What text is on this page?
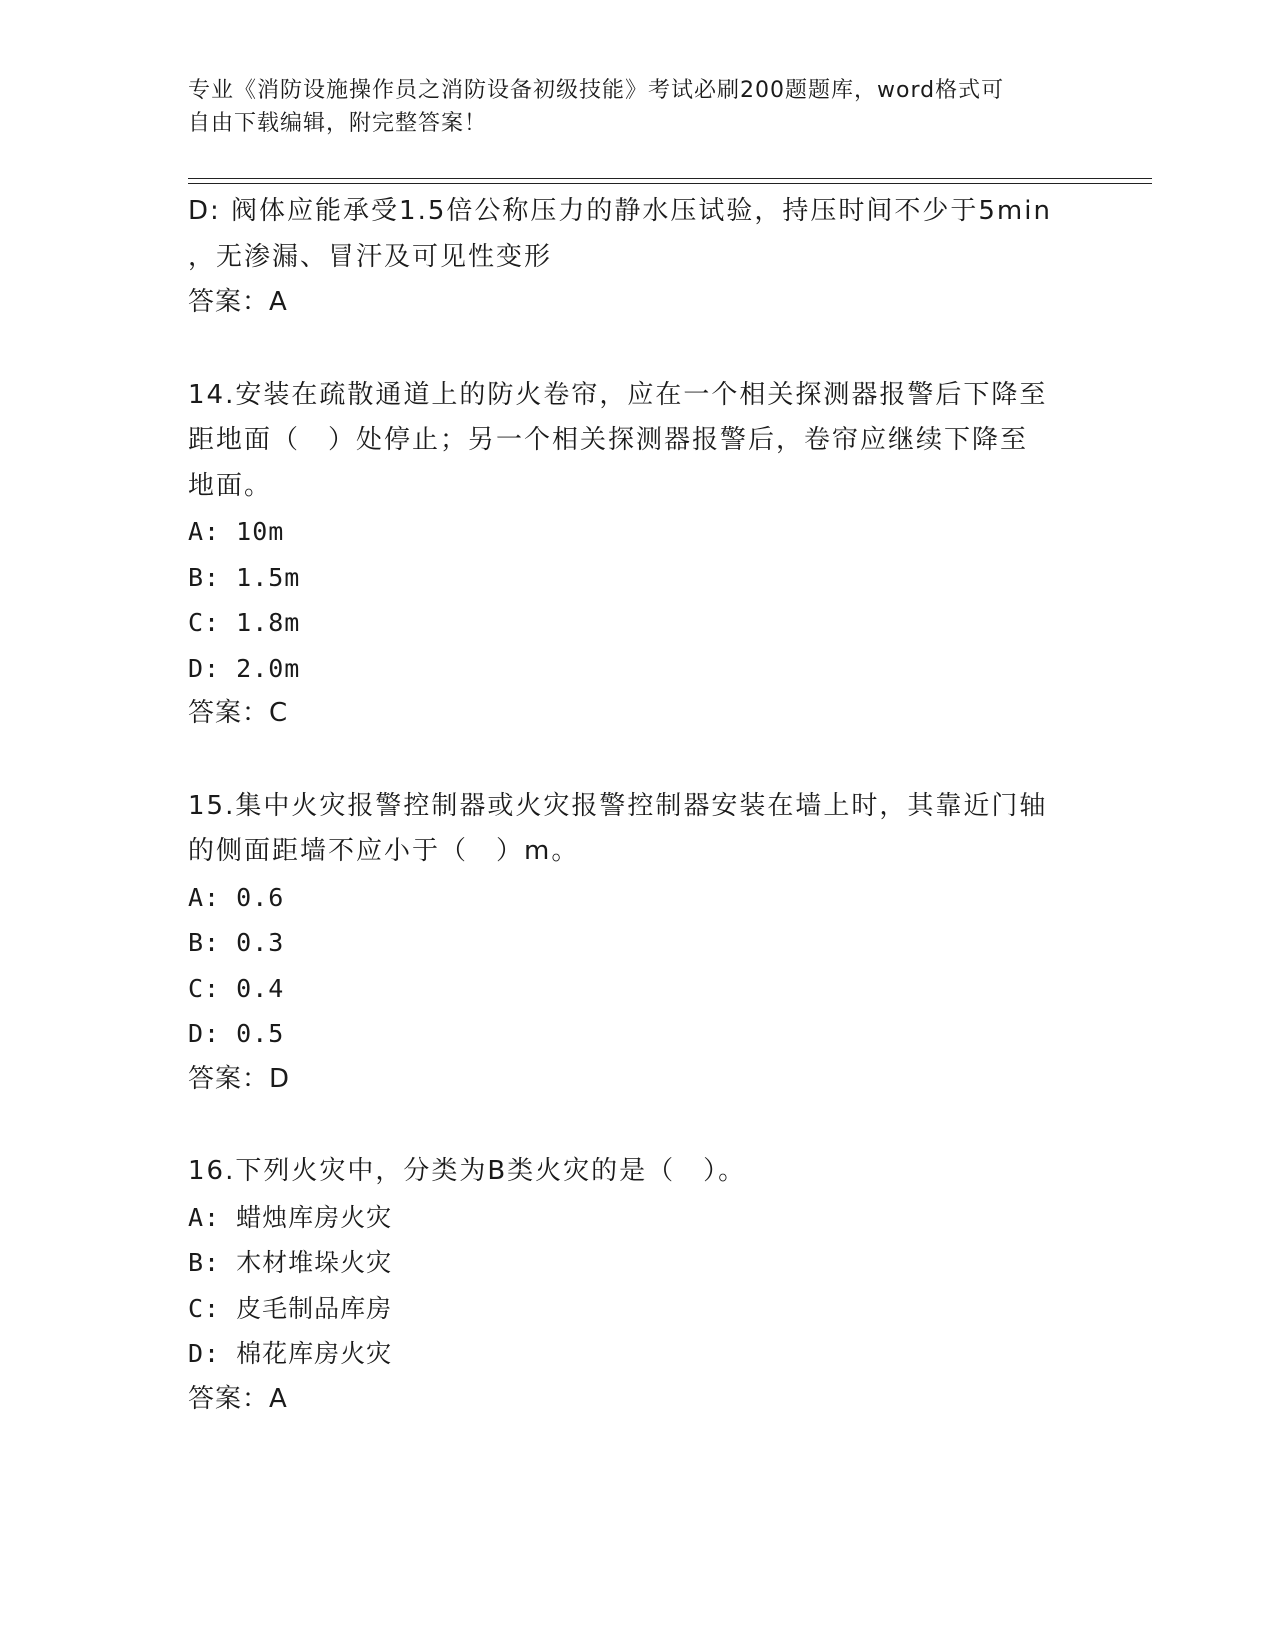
专业《消防设施操作员之消防设备初级技能》考试必刷200题题库，word格式可
自由下载编辑，附完整答案！
D: 阀体应能承受1.5倍公称压力的静水压试验，持压时间不少于5min
，无渗漏、冒汗及可见性变形
答案：A
14.安装在疏散通道上的防火卷帘，应在一个相关探测器报警后下降至
距地面（　）处停止；另一个相关探测器报警后，卷帘应继续下降至
地面。
A: 10m
B: 1.5m
C: 1.8m
D: 2.0m
答案：C
15.集中火灾报警控制器或火灾报警控制器安装在墙上时，其靠近门轴
的侧面距墙不应小于（　）m。
A: 0.6
B: 0.3
C: 0.4
D: 0.5
答案：D
16.下列火灾中，分类为B类火灾的是（　）。
A: 蜡烛库房火灾
B: 木材堆垛火灾
C: 皮毛制品库房
D: 棉花库房火灾
答案：A
